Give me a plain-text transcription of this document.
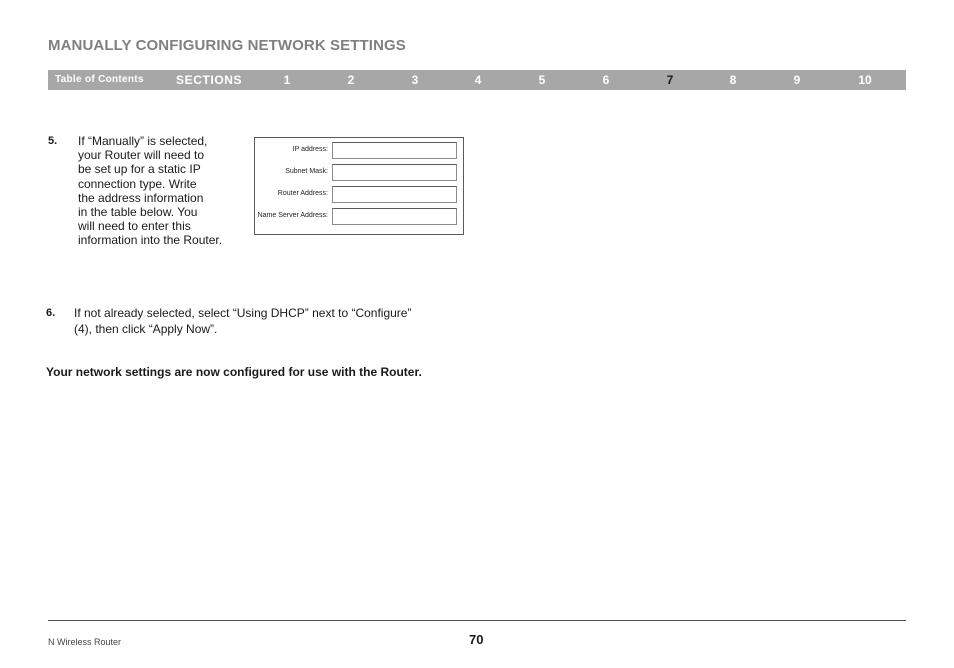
MANUALLY CONFIGURING NETWORK SETTINGS
Table of Contents	SECTIONS	1	2	3	4	5	6	7	8	9	10
5. If “Manually” is selected,
your Router will need to
be set up for a static IP
connection type. Write
the address information
in the table below. You
will need to enter this
information into the Router.
IP address:
Subnet Mask:
Router Address:
Name Server Address:
6. If not already selected, select “Using DHCP” next to “Configure”
(4), then click “Apply Now”.
Your network settings are now configured for use with the Router.
N Wireless Router	70
